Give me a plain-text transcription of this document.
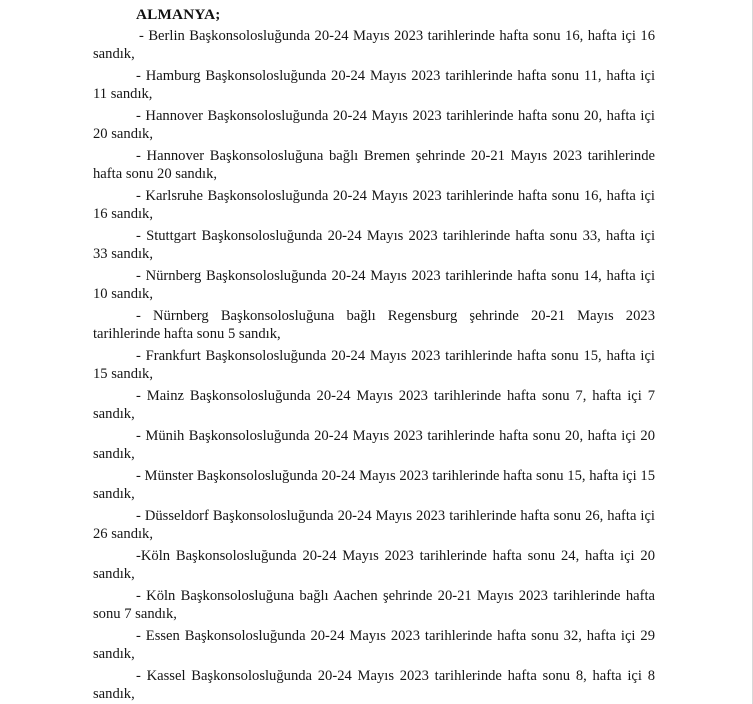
ALMANYA;

- Berlin Başkonsolosluğunda 20-24 Mayıs 2023 tarihlerinde hafta sonu 16, hafta içi 16 sandık,

- Hamburg Başkonsolosluğunda 20-24 Mayıs 2023 tarihlerinde hafta sonu 11, hafta içi 11 sandık,

- Hannover Başkonsolosluğunda 20-24 Mayıs 2023 tarihlerinde hafta sonu 20, hafta içi 20 sandık,

- Hannover Başkonsolosluğuna bağlı Bremen şehrinde 20-21 Mayıs 2023 tarihlerinde hafta sonu 20 sandık,

- Karlsruhe Başkonsolosluğunda 20-24 Mayıs 2023 tarihlerinde hafta sonu 16, hafta içi 16 sandık,

- Stuttgart Başkonsolosluğunda 20-24 Mayıs 2023 tarihlerinde hafta sonu 33, hafta içi 33 sandık,

- Nürnberg Başkonsolosluğunda 20-24 Mayıs 2023 tarihlerinde hafta sonu 14, hafta içi 10 sandık,

- Nürnberg Başkonsolosluğuna bağlı Regensburg şehrinde 20-21 Mayıs 2023 tarihlerinde hafta sonu 5 sandık,

- Frankfurt Başkonsolosluğunda 20-24 Mayıs 2023 tarihlerinde hafta sonu 15, hafta içi 15 sandık,

- Mainz Başkonsolosluğunda 20-24 Mayıs 2023 tarihlerinde hafta sonu 7, hafta içi 7 sandık,

- Münih Başkonsolosluğunda 20-24 Mayıs 2023 tarihlerinde hafta sonu 20, hafta içi 20 sandık,

- Münster Başkonsolosluğunda 20-24 Mayıs 2023 tarihlerinde hafta sonu 15, hafta içi 15 sandık,

- Düsseldorf Başkonsolosluğunda 20-24 Mayıs 2023 tarihlerinde hafta sonu 26, hafta içi 26 sandık,

-Köln Başkonsolosluğunda 20-24 Mayıs 2023 tarihlerinde hafta sonu 24, hafta içi 20 sandık,

- Köln Başkonsolosluğuna bağlı Aachen şehrinde 20-21 Mayıs 2023 tarihlerinde hafta sonu 7 sandık,

- Essen Başkonsolosluğunda 20-24 Mayıs 2023 tarihlerinde hafta sonu 32, hafta içi 29 sandık,

- Kassel Başkonsolosluğunda 20-24 Mayıs 2023 tarihlerinde hafta sonu 8, hafta içi 8 sandık,
